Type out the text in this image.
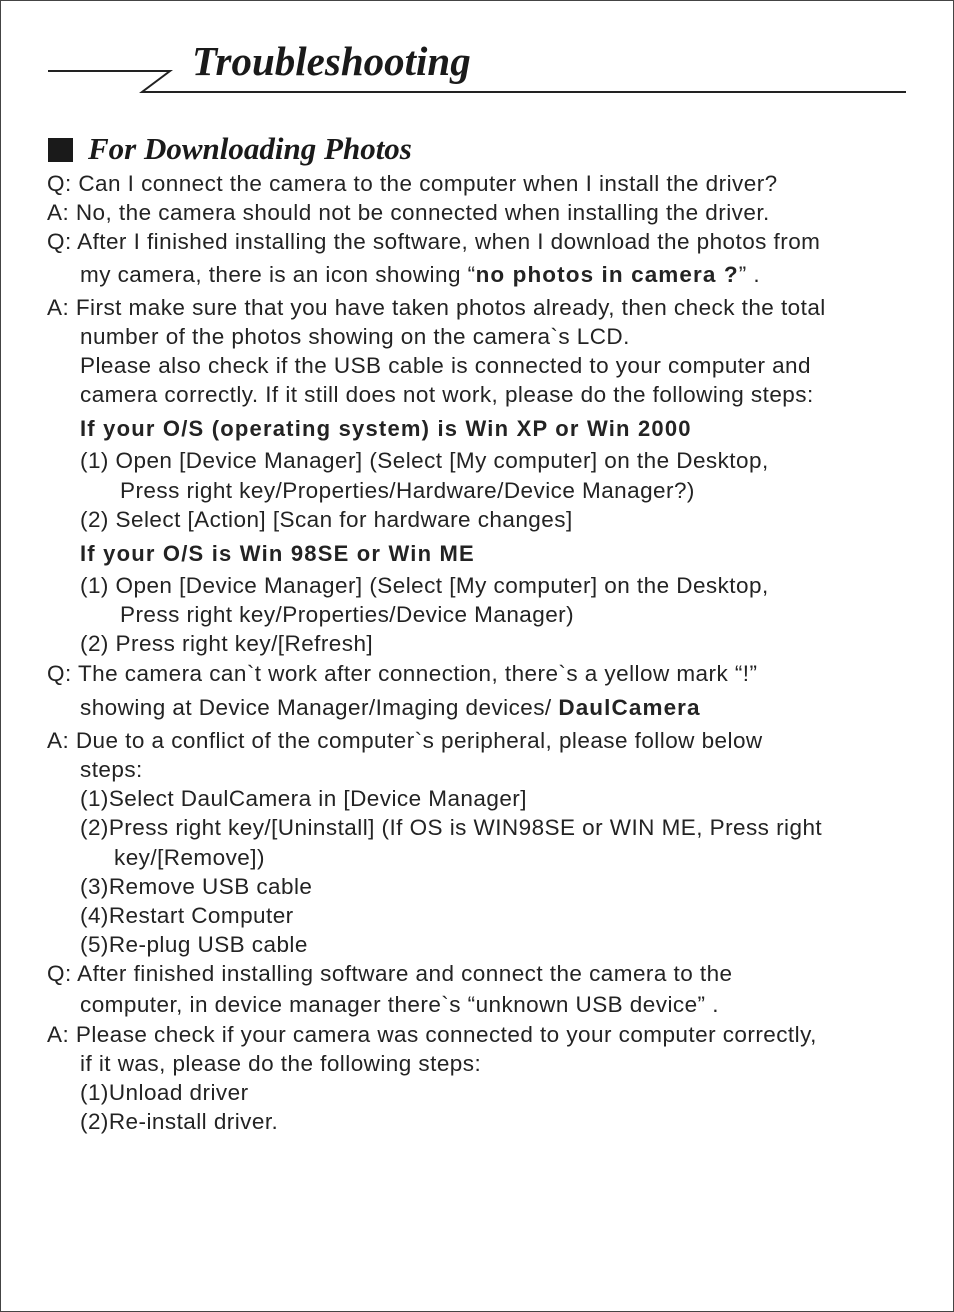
Troubleshooting
For Downloading Photos
Q: Can I connect the camera to the computer when I install the driver?
A: No, the camera should not be connected when installing the driver.
Q: After I finished installing the software, when I download the photos from
my camera, there is an icon showing “no photos in camera ?” .
A: First make sure that you have taken photos already, then check the total
number of the photos showing on the camera`s LCD.
Please also check if the USB cable is connected to your computer and
camera correctly. If it still does not work, please do the following steps:
If your O/S (operating system) is Win XP or Win 2000
(1) Open [Device Manager] (Select [My computer] on the Desktop,
Press right key/Properties/Hardware/Device Manager?)
(2) Select [Action] [Scan for hardware changes]
If your O/S is Win 98SE or Win ME
(1) Open [Device Manager] (Select [My computer] on the Desktop,
Press right key/Properties/Device Manager)
(2) Press right key/[Refresh]
Q: The camera can`t work after connection, there`s a yellow mark “!”
showing at Device Manager/Imaging devices/ DaulCamera
A: Due to a conflict of the computer`s peripheral, please follow below
steps:
(1)Select DaulCamera in [Device Manager]
(2)Press right key/[Uninstall] (If OS is WIN98SE or WIN ME, Press right
key/[Remove])
(3)Remove USB cable
(4)Restart Computer
(5)Re-plug USB cable
Q: After finished installing software and connect the camera to the
computer, in device manager there`s “unknown USB device” .
A: Please check if your camera was connected to your computer correctly,
if it was, please do the following steps:
(1)Unload driver
(2)Re-install driver.
